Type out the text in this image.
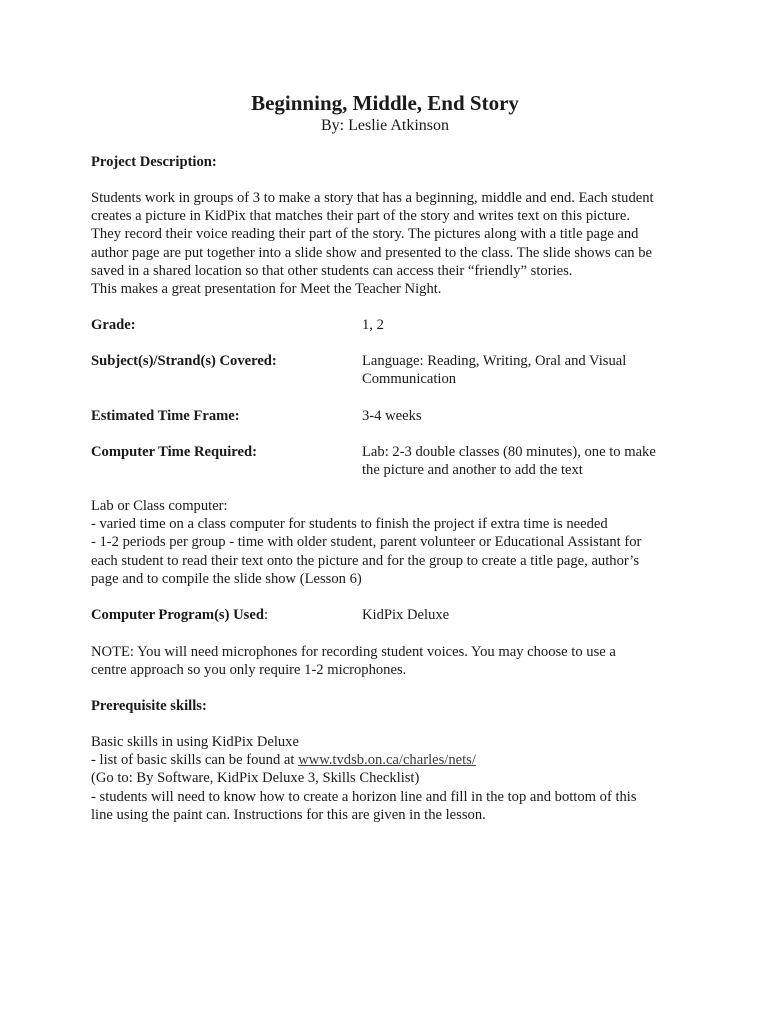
Beginning, Middle, End Story
By: Leslie Atkinson
Project Description:
Students work in groups of 3 to make a story that has a beginning, middle and end. Each student
creates a picture in KidPix that matches their part of the story and writes text on this picture.
They record their voice reading their part of the story. The pictures along with a title page and
author page are put together into a slide show and presented to the class. The slide shows can be
saved in a shared location so that other students can access their “friendly” stories.
This makes a great presentation for Meet the Teacher Night.
Grade:	1, 2
Subject(s)/Strand(s) Covered:	Language: Reading, Writing, Oral and Visual
Communication
Estimated Time Frame:	3-4 weeks
Computer Time Required:	Lab: 2-3 double classes (80 minutes), one to make
the picture and another to add the text
Lab or Class computer:
- varied time on a class computer for students to finish the project if extra time is needed
- 1-2 periods per group - time with older student, parent volunteer or Educational Assistant for
each student to read their text onto the picture and for the group to create a title page, author’s
page and to compile the slide show (Lesson 6)
Computer Program(s) Used:	KidPix Deluxe
NOTE: You will need microphones for recording student voices. You may choose to use a
centre approach so you only require 1-2 microphones.
Prerequisite skills:
Basic skills in using KidPix Deluxe
- list of basic skills can be found at www.tvdsb.on.ca/charles/nets/
(Go to: By Software, KidPix Deluxe 3, Skills Checklist)
- students will need to know how to create a horizon line and fill in the top and bottom of this
line using the paint can. Instructions for this are given in the lesson.
